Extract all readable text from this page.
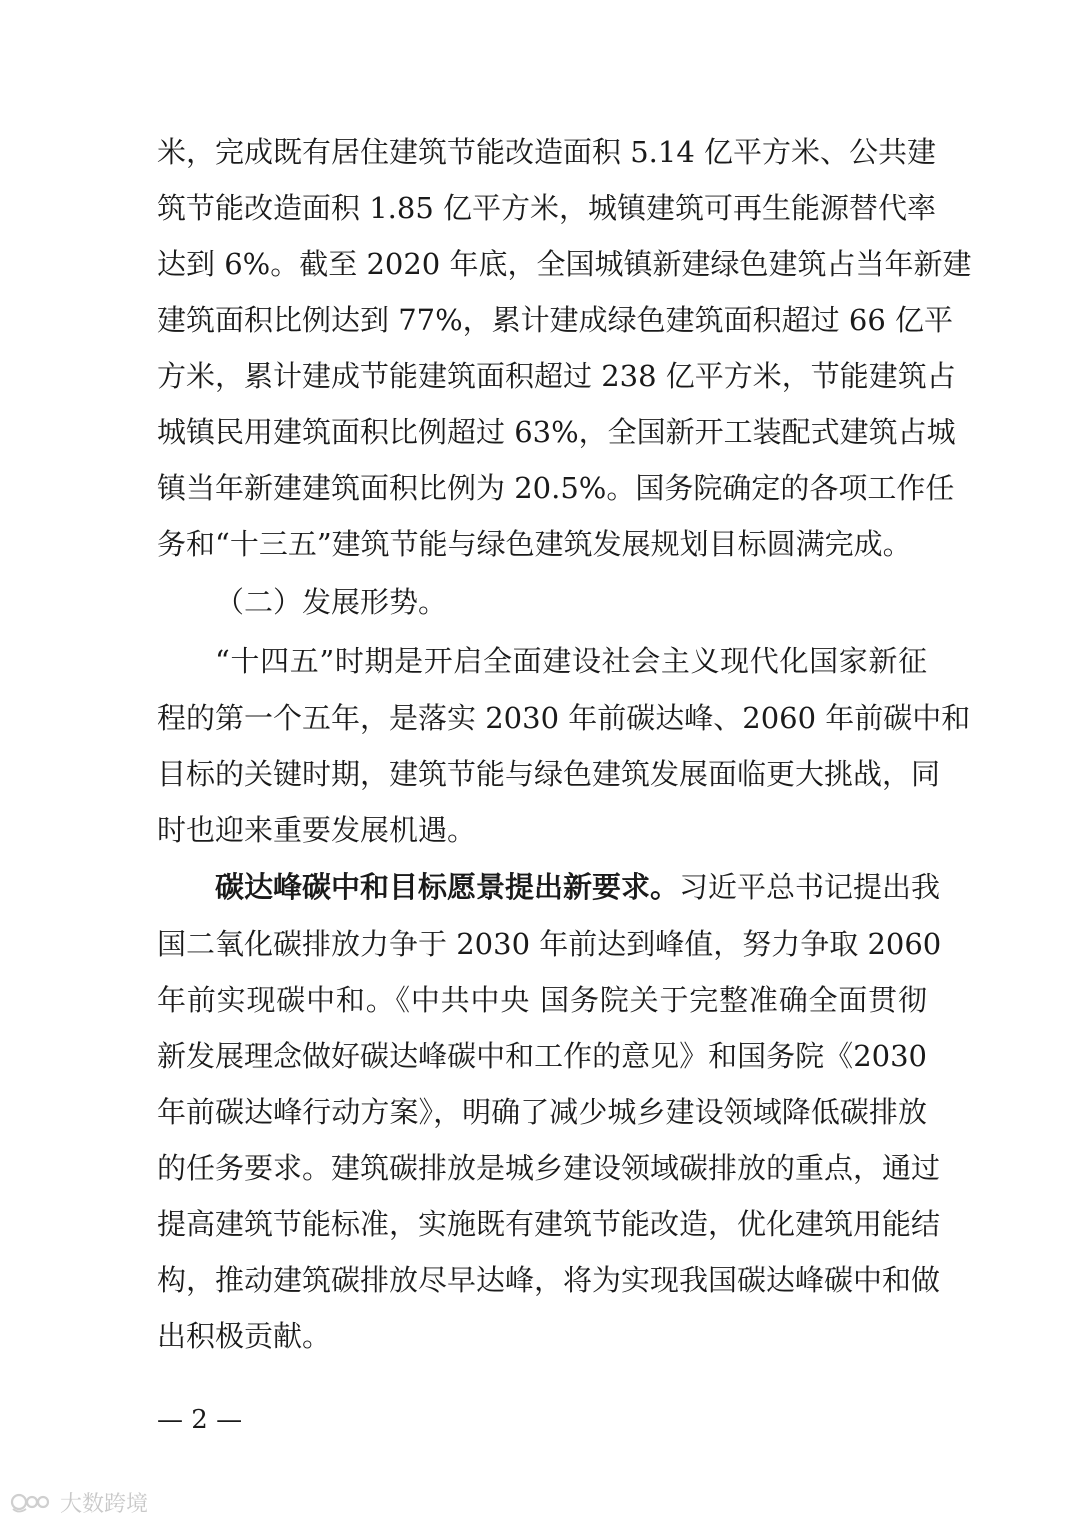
米，完成既有居住建筑节能改造面积 5.14 亿平方米、公共建
筑节能改造面积 1.85 亿平方米，城镇建筑可再生能源替代率
达到 6%。截至 2020 年底，全国城镇新建绿色建筑占当年新建
建筑面积比例达到 77%，累计建成绿色建筑面积超过 66 亿平
方米，累计建成节能建筑面积超过 238 亿平方米，节能建筑占
城镇民用建筑面积比例超过 63%，全国新开工装配式建筑占城
镇当年新建建筑面积比例为 20.5%。国务院确定的各项工作任
务和“十三五”建筑节能与绿色建筑发展规划目标圆满完成。
（二）发展形势。
“十四五”时期是开启全面建设社会主义现代化国家新征
程的第一个五年，是落实 2030 年前碳达峰、2060 年前碳中和
目标的关键时期，建筑节能与绿色建筑发展面临更大挑战，同
时也迎来重要发展机遇。
碳达峰碳中和目标愿景提出新要求。习近平总书记提出我
国二氧化碳排放力争于 2030 年前达到峰值，努力争取 2060
年前实现碳中和。《中共中央 国务院关于完整准确全面贯彻
新发展理念做好碳达峰碳中和工作的意见》和国务院《2030
年前碳达峰行动方案》，明确了减少城乡建设领域降低碳排放
的任务要求。建筑碳排放是城乡建设领域碳排放的重点，通过
提高建筑节能标准，实施既有建筑节能改造，优化建筑用能结
构，推动建筑碳排放尽早达峰，将为实现我国碳达峰碳中和做
出积极贡献。
— 2 —
大数跨境
